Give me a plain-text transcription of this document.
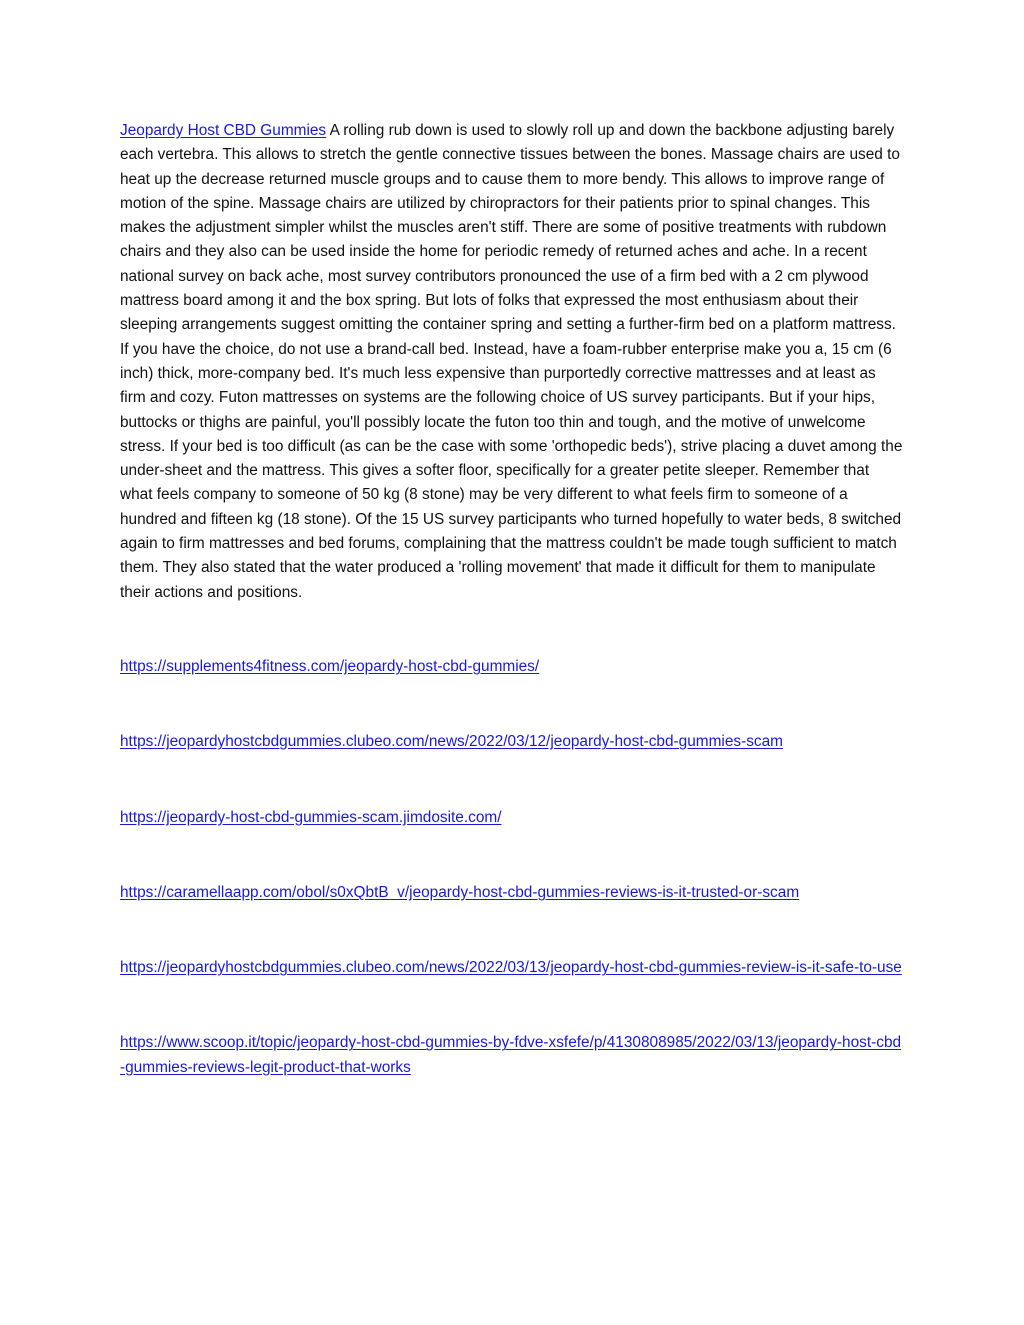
Jeopardy Host CBD Gummies A rolling rub down is used to slowly roll up and down the backbone adjusting barely each vertebra. This allows to stretch the gentle connective tissues between the bones. Massage chairs are used to heat up the decrease returned muscle groups and to cause them to more bendy. This allows to improve range of motion of the spine. Massage chairs are utilized by chiropractors for their patients prior to spinal changes. This makes the adjustment simpler whilst the muscles aren't stiff. There are some of positive treatments with rubdown chairs and they also can be used inside the home for periodic remedy of returned aches and ache. In a recent national survey on back ache, most survey contributors pronounced the use of a firm bed with a 2 cm plywood mattress board among it and the box spring. But lots of folks that expressed the most enthusiasm about their sleeping arrangements suggest omitting the container spring and setting a further-firm bed on a platform mattress. If you have the choice, do not use a brand-call bed. Instead, have a foam-rubber enterprise make you a, 15 cm (6 inch) thick, more-company bed. It's much less expensive than purportedly corrective mattresses and at least as firm and cozy. Futon mattresses on systems are the following choice of US survey participants. But if your hips, buttocks or thighs are painful, you'll possibly locate the futon too thin and tough, and the motive of unwelcome stress. If your bed is too difficult (as can be the case with some 'orthopedic beds'), strive placing a duvet among the under-sheet and the mattress. This gives a softer floor, specifically for a greater petite sleeper. Remember that what feels company to someone of 50 kg (8 stone) may be very different to what feels firm to someone of a hundred and fifteen kg (18 stone). Of the 15 US survey participants who turned hopefully to water beds, 8 switched again to firm mattresses and bed forums, complaining that the mattress couldn't be made tough sufficient to match them. They also stated that the water produced a 'rolling movement' that made it difficult for them to manipulate their actions and positions.

https://supplements4fitness.com/jeopardy-host-cbd-gummies/
https://jeopardyhostcbdgummies.clubeo.com/news/2022/03/12/jeopardy-host-cbd-gummies-scam
https://jeopardy-host-cbd-gummies-scam.jimdosite.com/
https://caramellaapp.com/obol/s0xQbtB_v/jeopardy-host-cbd-gummies-reviews-is-it-trusted-or-scam
https://jeopardyhostcbdgummies.clubeo.com/news/2022/03/13/jeopardy-host-cbd-gummies-review-is-it-safe-to-use
https://www.scoop.it/topic/jeopardy-host-cbd-gummies-by-fdve-xsfefe/p/4130808985/2022/03/13/jeopardy-host-cbd-gummies-reviews-legit-product-that-works
